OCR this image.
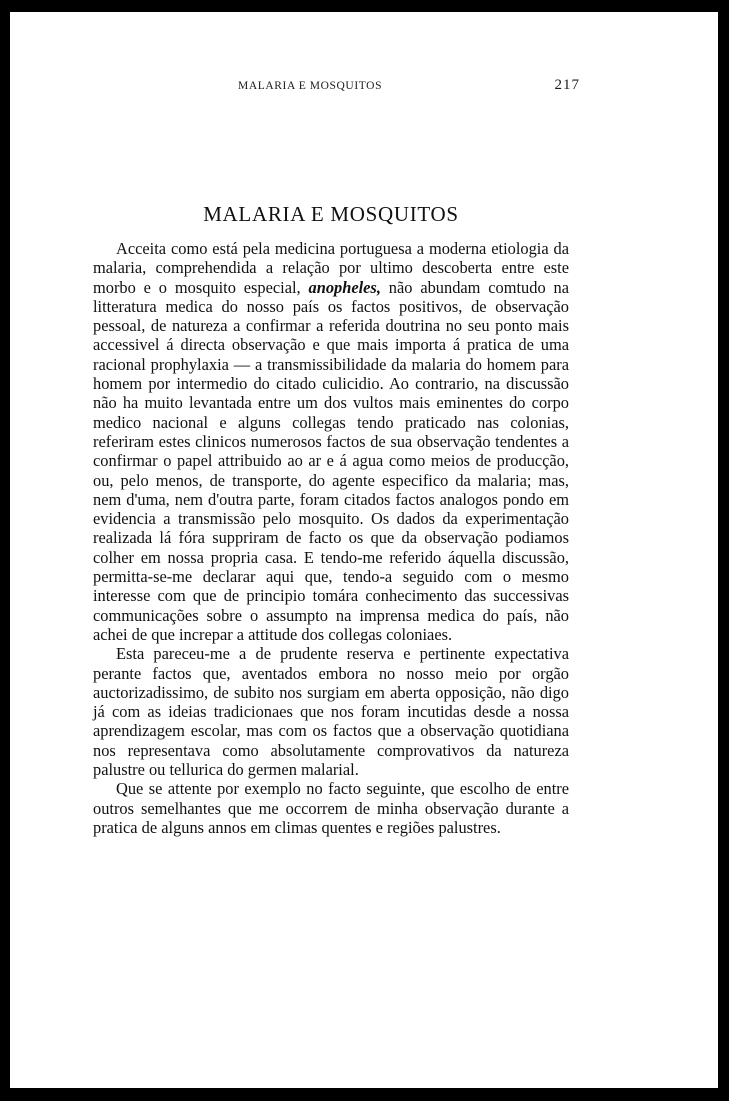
MALARIA E MOSQUITOS	217
MALARIA E MOSQUITOS

Acceita como está pela medicina portuguesa a moderna etiologia da malaria, comprehendida a relação por ultimo descoberta entre este morbo e o mosquito especial, anopheles, não abundam comtudo na litteratura medica do nosso país os factos positivos, de observação pessoal, de natureza a confirmar a referida doutrina no seu ponto mais accessivel á directa observação e que mais importa á pratica de uma racional prophylaxia — a transmissibilidade da malaria do homem para homem por intermedio do citado culicidio. Ao contrario, na discussão não ha muito levantada entre um dos vultos mais eminentes do corpo medico nacional e alguns collegas tendo praticado nas colonias, referiram estes clinicos numerosos factos de sua observação tendentes a confirmar o papel attribuido ao ar e á agua como meios de producção, ou, pelo menos, de transporte, do agente especifico da malaria; mas, nem d'uma, nem d'outra parte, foram citados factos analogos pondo em evidencia a transmissão pelo mosquito. Os dados da experimentação realizada lá fóra suppriram de facto os que da observação podiamos colher em nossa propria casa. E tendo-me referido áquella discussão, permitta-se-me declarar aqui que, tendo-a seguido com o mesmo interesse com que de principio tomára conhecimento das successivas communicações sobre o assumpto na imprensa medica do país, não achei de que increpar a attitude dos collegas coloniaes.

Esta pareceu-me a de prudente reserva e pertinente expectativa perante factos que, aventados embora no nosso meio por orgão auctorizadissimo, de subito nos surgiam em aberta opposição, não digo já com as ideias tradicionaes que nos foram incutidas desde a nossa aprendizagem escolar, mas com os factos que a observação quotidiana nos representava como absolutamente comprovativos da natureza palustre ou tellurica do germen malarial.

Que se attente por exemplo no facto seguinte, que escolho de entre outros semelhantes que me occorrem de minha observação durante a pratica de alguns annos em climas quentes e regiões palustres.
